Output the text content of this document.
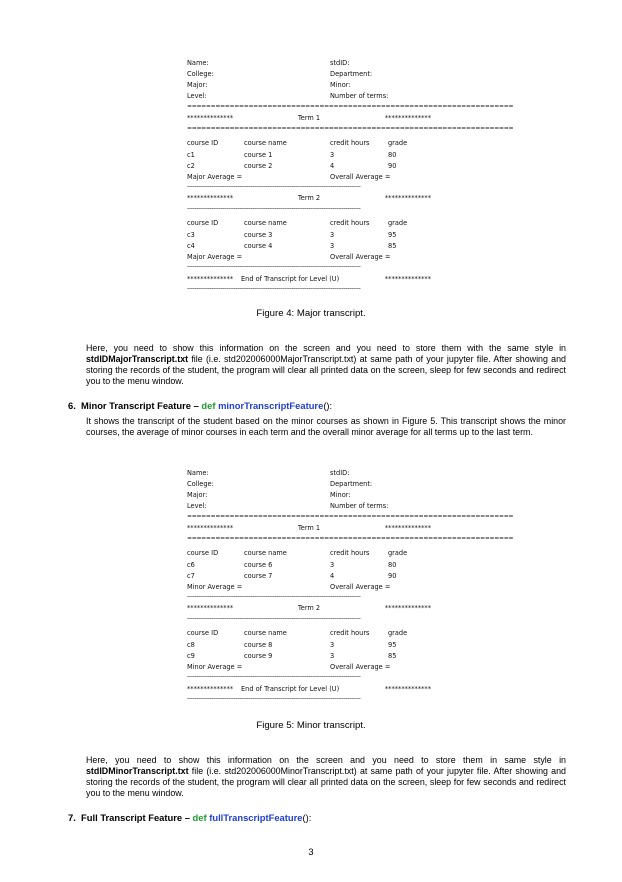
Name:	stdID:
College:	Department:
Major:	Minor:
Level:	Number of terms:
=====================================================================
**************	Term 1	**************
=====================================================================
course ID	course name	credit hours	grade
c1	course 1	3	80
c2	course 2	4	90
Major Average =	Overall Average =
---------------------------------------------------------------------------------------------
**************	Term 2	**************
---------------------------------------------------------------------------------------------
course ID	course name	credit hours	grade
c3	course 3	3	95
c4	course 4	3	85
Major Average =	Overall Average =
---------------------------------------------------------------------------------------------
************** End of Transcript for Level (U)	**************
---------------------------------------------------------------------------------------------
Figure 4: Major transcript.
Here, you need to show this information on the screen and you need to store them with the same style in stdIDMajorTranscript.txt file (i.e. std202006000MajorTranscript.txt) at same path of your jupyter file. After showing and storing the records of the student, the program will clear all printed data on the screen, sleep for few seconds and redirect you to the menu window.
6. Minor Transcript Feature – def minorTranscriptFeature():
It shows the transcript of the student based on the minor courses as shown in Figure 5. This transcript shows the minor courses, the average of minor courses in each term and the overall minor average for all terms up to the last term.
Name:	stdID:
College:	Department:
Major:	Minor:
Level:	Number of terms:
=====================================================================
**************	Term 1	**************
=====================================================================
course ID	course name	credit hours	grade
c6	course 6	3	80
c7	course 7	4	90
Minor Average =	Overall Average =
---------------------------------------------------------------------------------------------
**************	Term 2	**************
---------------------------------------------------------------------------------------------
course ID	course name	credit hours	grade
c8	course 8	3	95
c9	course 9	3	85
Minor Average =	Overall Average =
---------------------------------------------------------------------------------------------
************** End of Transcript for Level (U)	**************
---------------------------------------------------------------------------------------------
Figure 5: Minor transcript.
Here, you need to show this information on the screen and you need to store them in same style in stdIDMinorTranscript.txt file (i.e. std202006000MinorTranscript.txt) at same path of your jupyter file. After showing and storing the records of the student, the program will clear all printed data on the screen, sleep for few seconds and redirect you to the menu window.
7. Full Transcript Feature – def fullTranscriptFeature():
3
